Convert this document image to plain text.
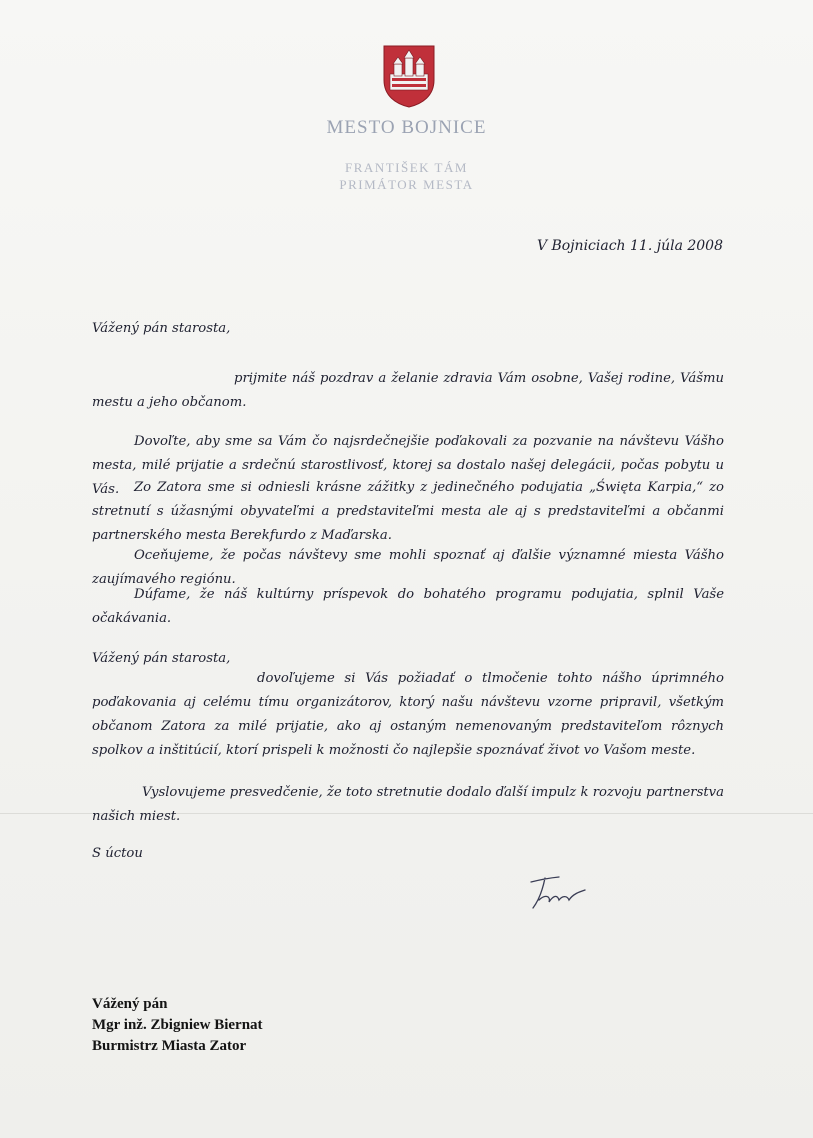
MESTO BOJNICE
FRANTIŠEK TÁM
PRIMÁTOR MESTA
V Bojniciach 11. júla 2008
Vážený pán starosta,
prijmite náš pozdrav a želanie zdravia Vám osobne, Vašej rodine, Vášmu mestu a jeho občanom.
Dovoľte, aby sme sa Vám čo najsrdečnejšie poďakovali za pozvanie na návštevu Vášho mesta, milé prijatie a srdečnú starostlivosť, ktorej sa dostalo našej delegácii, počas pobytu u Vás.	Zo Zatora sme si odniesli krásne zážitky z jedinečného podujatia „Święta Karpia,“ zo stretnutí s úžasnými obyvateľmi a predstaviteľmi mesta ale aj s predstaviteľmi a občanmi partnerského mesta Berekfurdo z Maďarska.
Oceňujeme, že počas návštevy sme mohli spoznať aj ďalšie významné miesta Vášho zaujímavého regiónu.
Dúfame, že náš kultúrny príspevok do bohatého programu podujatia, splnil Vaše očakávania.
Vážený pán starosta,
dovoľujeme si Vás požiadať o tlmočenie tohto nášho úprimného poďakovania aj celému tímu organizátorov, ktorý našu návštevu vzorne pripravil, všetkým občanom Zatora za milé prijatie, ako aj ostaným nemenovaným predstaviteľom rôznych spolkov a inštitúcií, ktorí prispeli k možnosti čo najlepšie spoznávať život vo Vašom meste.
Vyslovujeme presvedčenie, že toto stretnutie dodalo ďalší impulz k rozvoju partnerstva našich miest.
S úctou
Vážený pán
Mgr inž. Zbigniew Biernat
Burmistrz Miasta Zator
